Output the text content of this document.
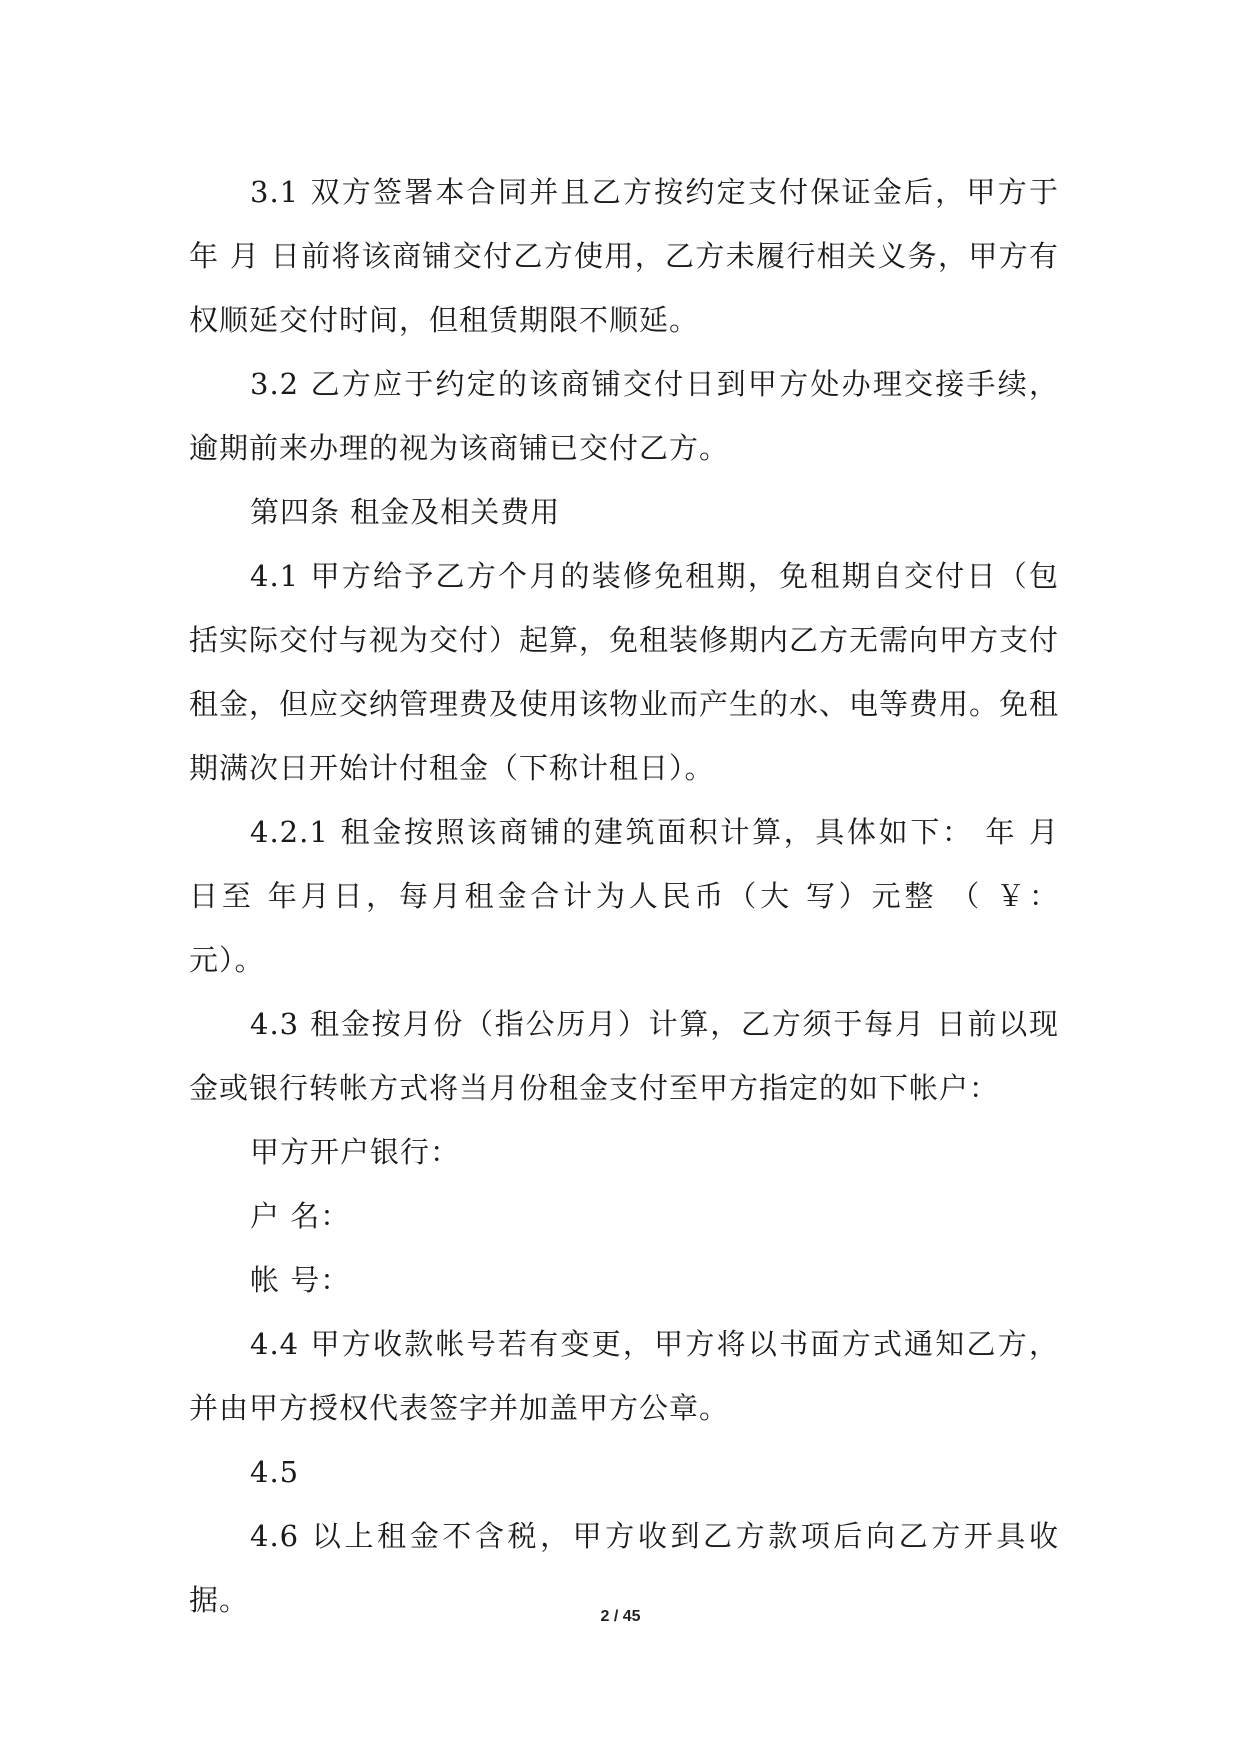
3.1 双方签署本合同并且乙方按约定支付保证金后，甲方于 年 月 日前将该商铺交付乙方使用，乙方未履行相关义务，甲方有权顺延交付时间，但租赁期限不顺延。

3.2 乙方应于约定的该商铺交付日到甲方处办理交接手续，逾期前来办理的视为该商铺已交付乙方。

第四条 租金及相关费用

4.1 甲方给予乙方个月的装修免租期，免租期自交付日（包括实际交付与视为交付）起算，免租装修期内乙方无需向甲方支付租金，但应交纳管理费及使用该物业而产生的水、电等费用。免租期满次日开始计付租金（下称计租日）。

4.2.1 租金按照该商铺的建筑面积计算，具体如下： 年 月 日至 年月日，每月租金合计为人民币（大 写）元整 （ ￥： 元）。

4.3 租金按月份（指公历月）计算，乙方须于每月 日前以现金或银行转帐方式将当月份租金支付至甲方指定的如下帐户：

甲方开户银行：

户 名：

帐 号：

4.4 甲方收款帐号若有变更，甲方将以书面方式通知乙方，并由甲方授权代表签字并加盖甲方公章。

4.5

4.6 以上租金不含税，甲方收到乙方款项后向乙方开具收据。	2 / 45
